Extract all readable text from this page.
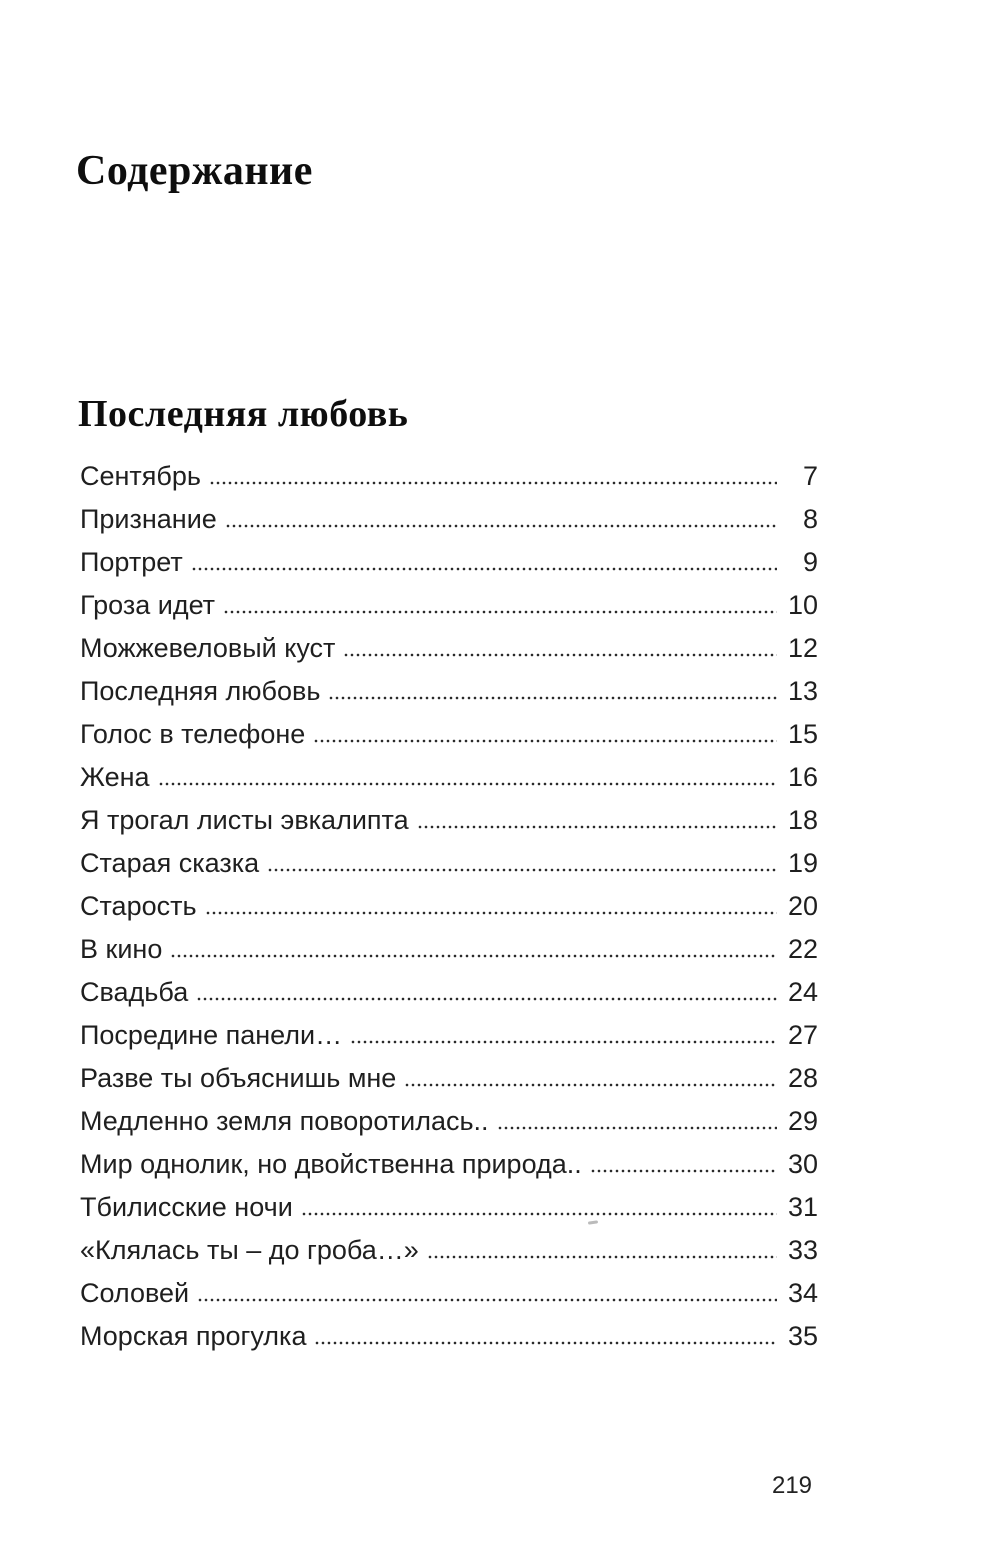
Содержание
Последняя любовь
Сентябрь	7
Признание	8
Портрет	9
Гроза идет	10
Можжевеловый куст	12
Последняя любовь	13
Голос в телефоне	15
Жена	16
Я трогал листы эвкалипта	18
Старая сказка	19
Старость	20
В кино	22
Свадьба	24
Посредине панели…	27
Разве ты объяснишь мне	28
Медленно земля поворотилась..	29
Мир однолик, но двойственна природа..	30
Тбилисские ночи	31
«Клялась ты – до гроба…»	33
Соловей	34
Морская прогулка	35
219
